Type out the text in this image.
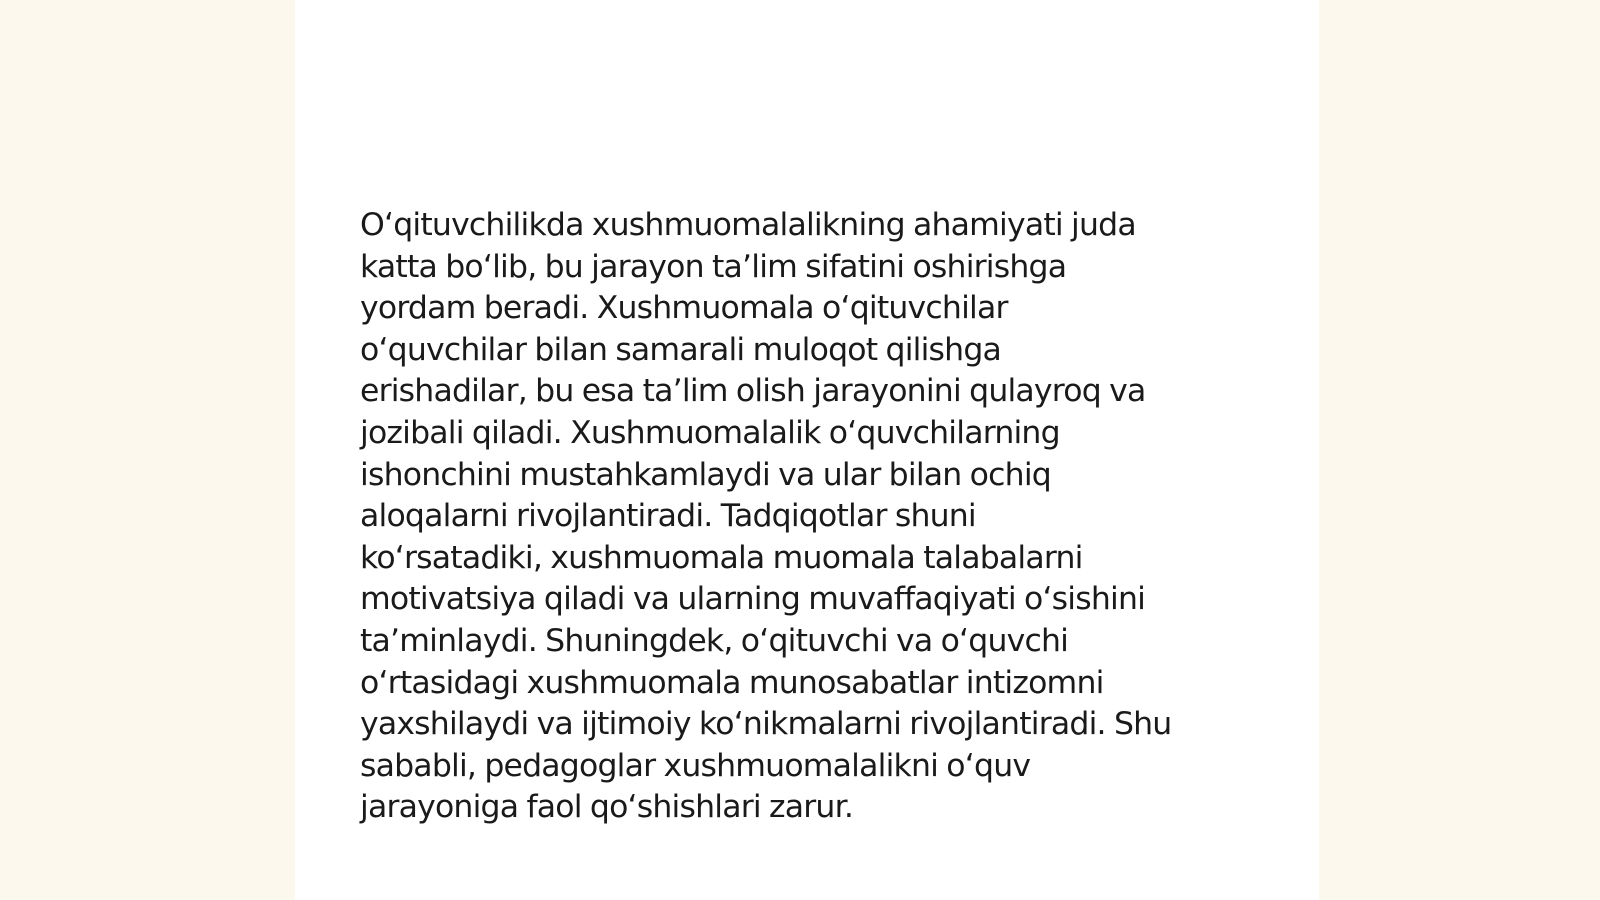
O‘qituvchilikda xushmuomalalikning ahamiyati juda
katta bo‘lib, bu jarayon ta’lim sifatini oshirishga
yordam beradi. Xushmuomala o‘qituvchilar
o‘quvchilar bilan samarali muloqot qilishga
erishadilar, bu esa ta’lim olish jarayonini qulayroq va
jozibali qiladi. Xushmuomalalik o‘quvchilarning
ishonchini mustahkamlaydi va ular bilan ochiq
aloqalarni rivojlantiradi. Tadqiqotlar shuni
ko‘rsatadiki, xushmuomala muomala talabalarni
motivatsiya qiladi va ularning muvaffaqiyati o‘sishini
ta’minlaydi. Shuningdek, o‘qituvchi va o‘quvchi
o‘rtasidagi xushmuomala munosabatlar intizomni
yaxshilaydi va ijtimoiy ko‘nikmalarni rivojlantiradi. Shu
sababli, pedagoglar xushmuomalalikni o‘quv
jarayoniga faol qo‘shishlari zarur.
